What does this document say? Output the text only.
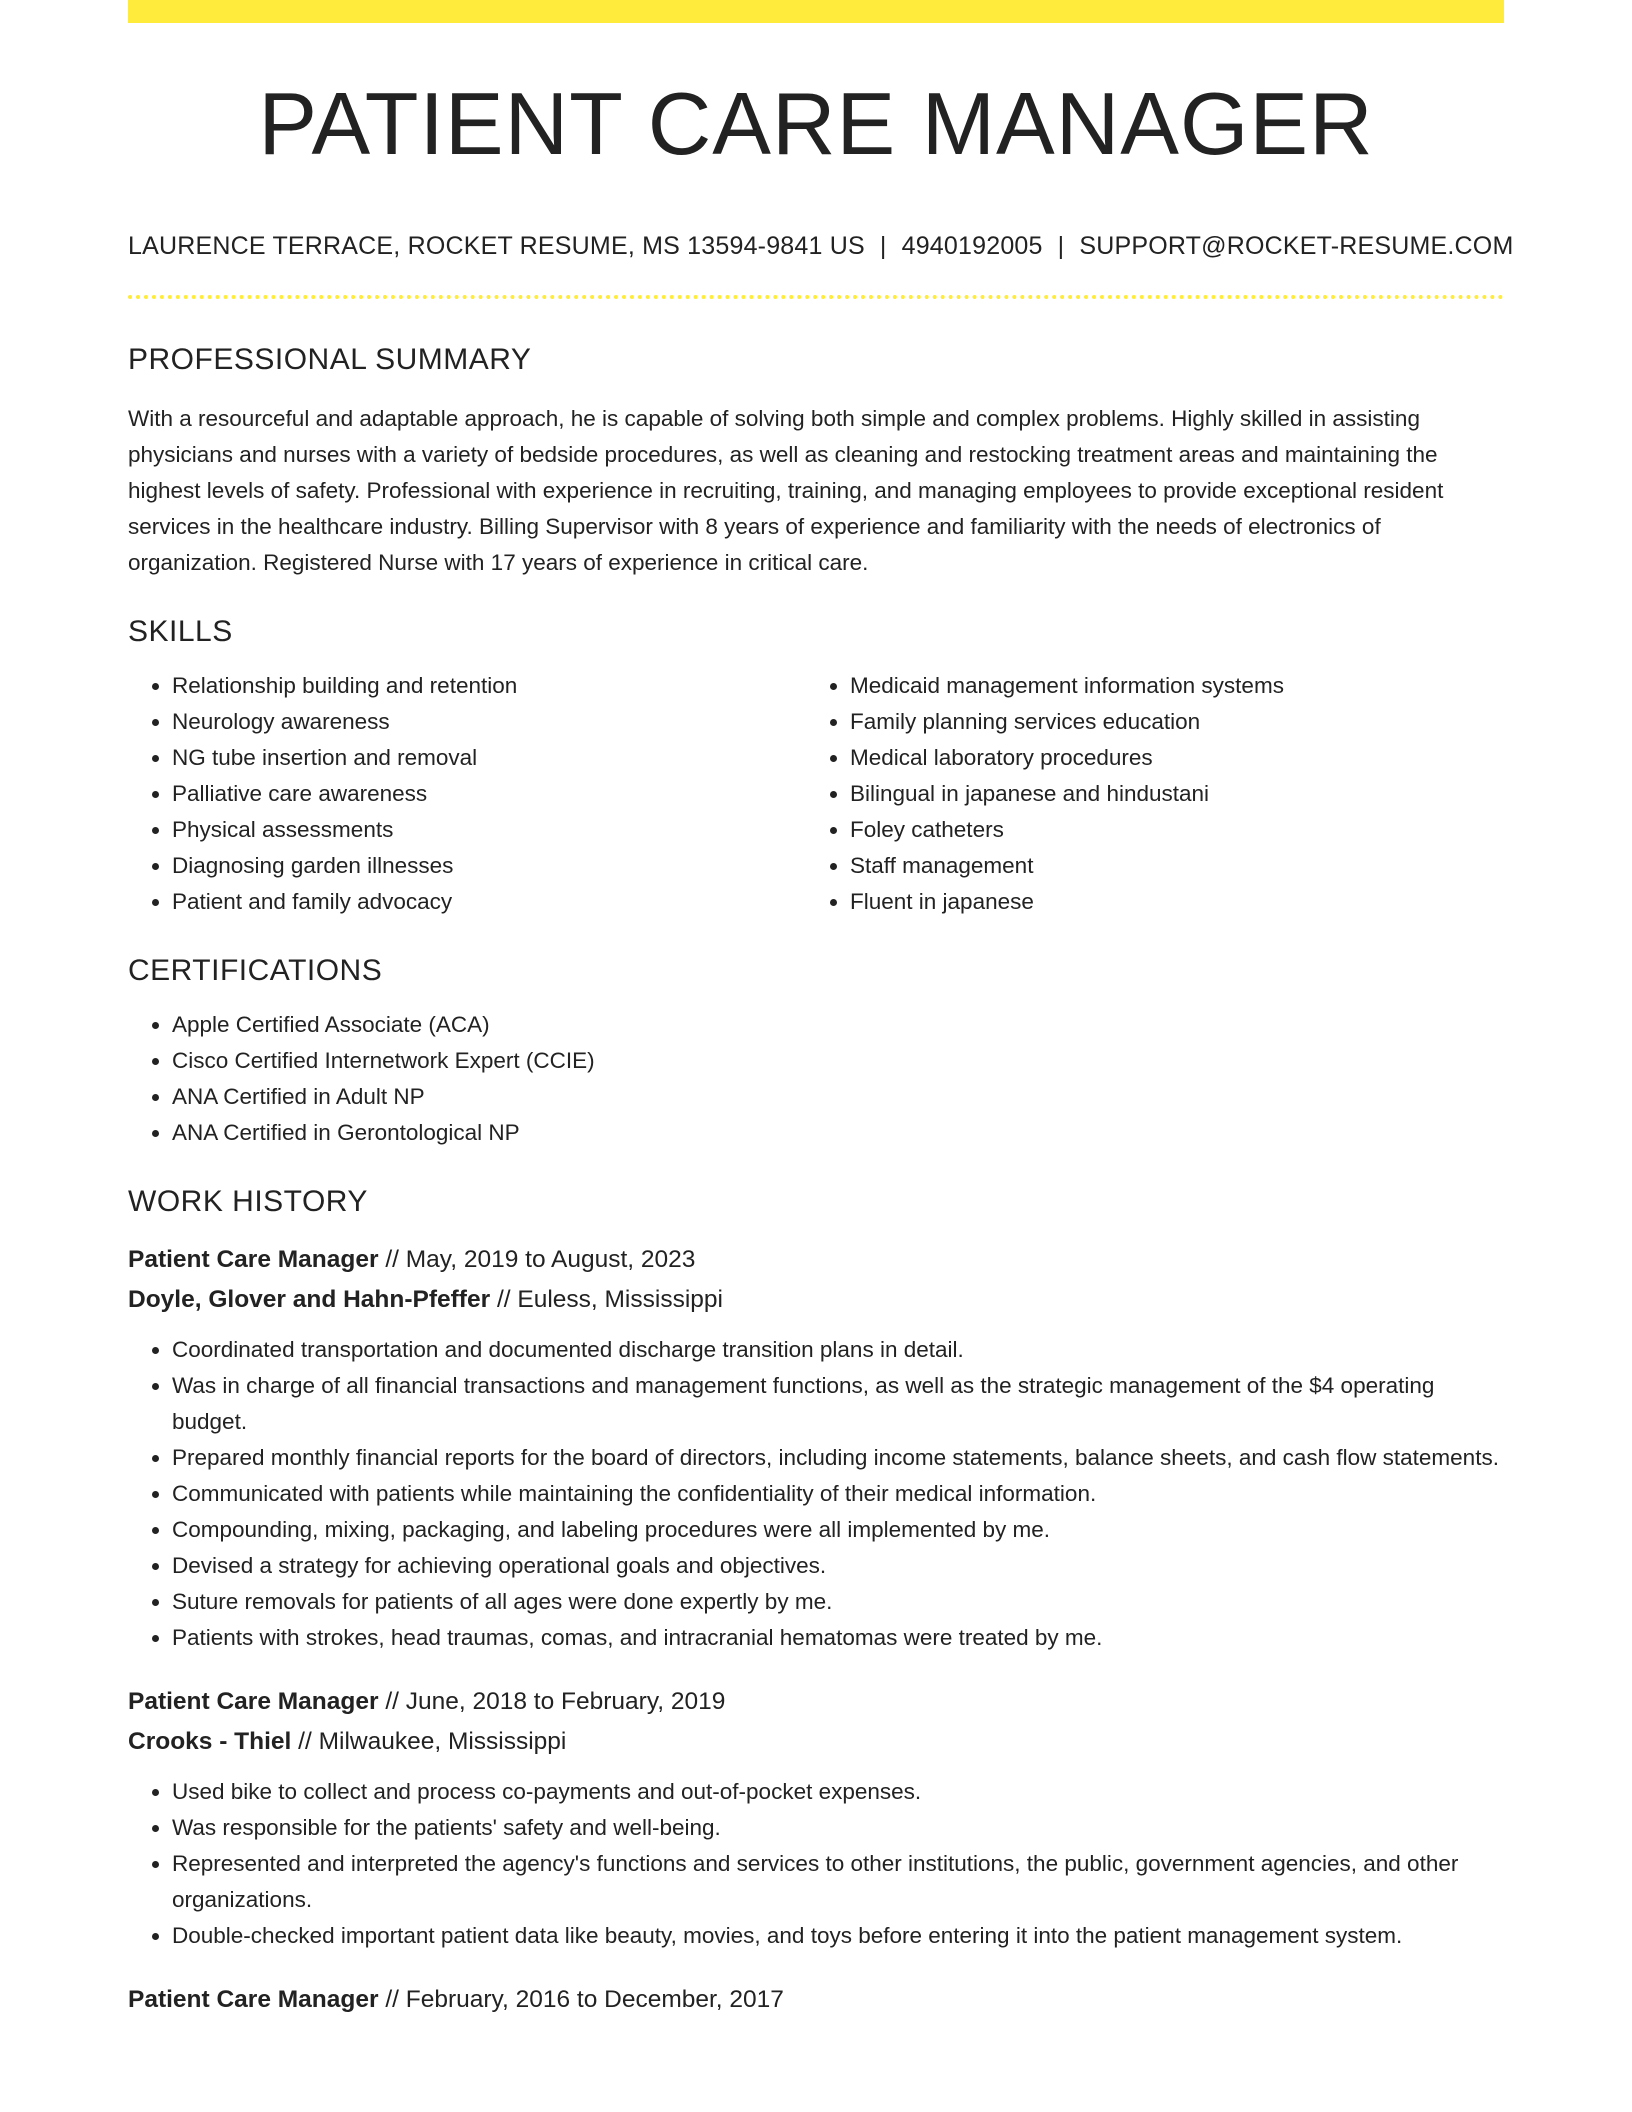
PATIENT CARE MANAGER
LAURENCE TERRACE, ROCKET RESUME, MS 13594-9841 US | 4940192005 | SUPPORT@ROCKET-RESUME.COM
PROFESSIONAL SUMMARY

With a resourceful and adaptable approach, he is capable of solving both simple and complex problems. Highly skilled in assisting physicians and nurses with a variety of bedside procedures, as well as cleaning and restocking treatment areas and maintaining the highest levels of safety. Professional with experience in recruiting, training, and managing employees to provide exceptional resident services in the healthcare industry. Billing Supervisor with 8 years of experience and familiarity with the needs of electronics of organization. Registered Nurse with 17 years of experience in critical care.

SKILLS
• Relationship building and retention
• Neurology awareness
• NG tube insertion and removal
• Palliative care awareness
• Physical assessments
• Diagnosing garden illnesses
• Patient and family advocacy
• Medicaid management information systems
• Family planning services education
• Medical laboratory procedures
• Bilingual in japanese and hindustani
• Foley catheters
• Staff management
• Fluent in japanese
CERTIFICATIONS
• Apple Certified Associate (ACA)
• Cisco Certified Internetwork Expert (CCIE)
• ANA Certified in Adult NP
• ANA Certified in Gerontological NP
WORK HISTORY
Patient Care Manager // May, 2019 to August, 2023
Doyle, Glover and Hahn-Pfeffer // Euless, Mississippi
• Coordinated transportation and documented discharge transition plans in detail.
• Was in charge of all financial transactions and management functions, as well as the strategic management of the $4 operating budget.
• Prepared monthly financial reports for the board of directors, including income statements, balance sheets, and cash flow statements.
• Communicated with patients while maintaining the confidentiality of their medical information.
• Compounding, mixing, packaging, and labeling procedures were all implemented by me.
• Devised a strategy for achieving operational goals and objectives.
• Suture removals for patients of all ages were done expertly by me.
• Patients with strokes, head traumas, comas, and intracranial hematomas were treated by me.
Patient Care Manager // June, 2018 to February, 2019
Crooks - Thiel // Milwaukee, Mississippi
• Used bike to collect and process co-payments and out-of-pocket expenses.
• Was responsible for the patients' safety and well-being.
• Represented and interpreted the agency's functions and services to other institutions, the public, government agencies, and other organizations.
• Double-checked important patient data like beauty, movies, and toys before entering it into the patient management system.
Patient Care Manager // February, 2016 to December, 2017
